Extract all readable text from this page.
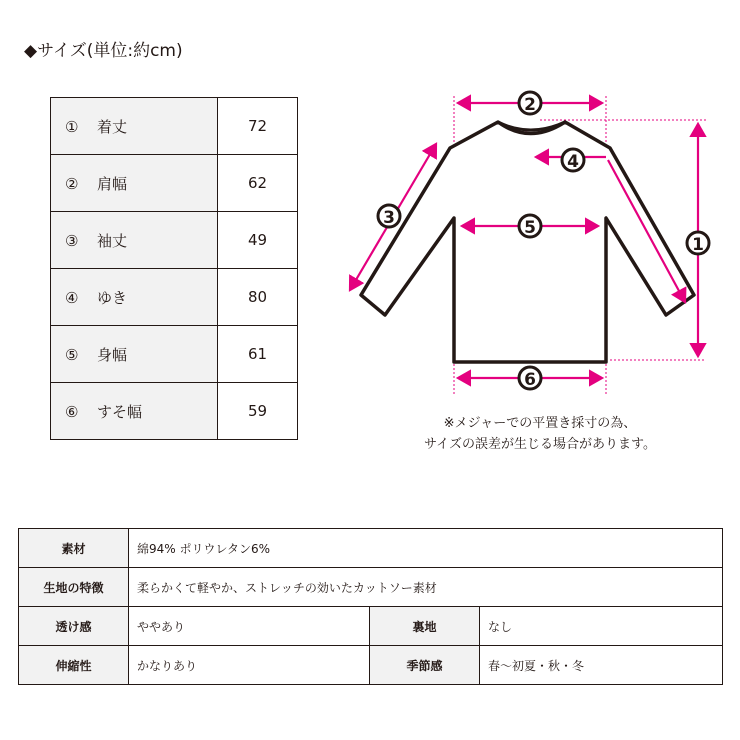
◆サイズ(単位:約cm)
① 着丈	72
② 肩幅	62
③ 袖丈	49
④ ゆき	80
⑤ 身幅	61
⑥ すそ幅	59
2
4
5
6
3
1
※メジャーでの平置き採寸の為、
サイズの誤差が生じる場合があります。
素材	綿94% ポリウレタン6%		
生地の特徴	柔らかくて軽やか、ストレッチの効いたカットソー素材		
透け感	ややあり	裏地	なし
伸縮性	かなりあり	季節感	春〜初夏・秋・冬
